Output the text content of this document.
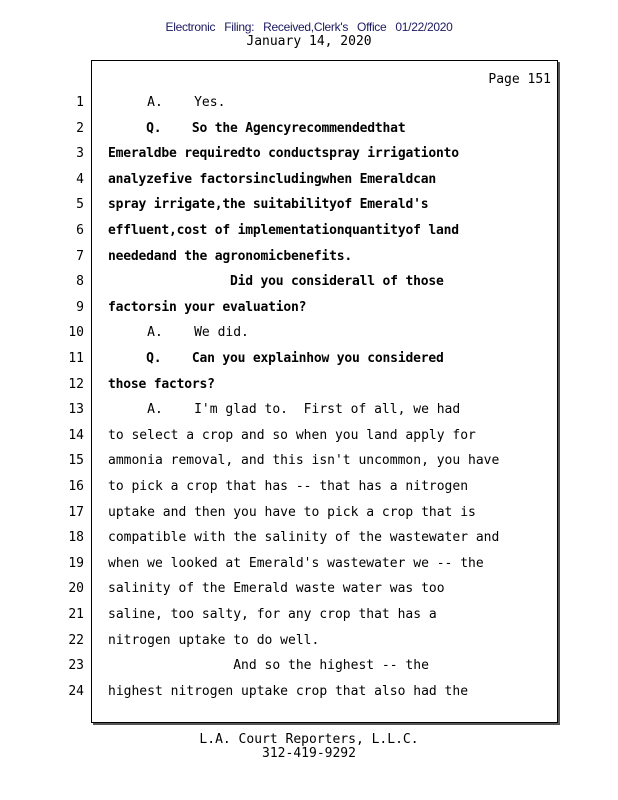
Electronic Filing: Received,Clerk's Office 01/22/2020
January 14, 2020
Page 151
1 A.    Yes.
2 Q.    So the Agencyrecommendedthat
3 Emeraldbe requiredto conductspray irrigationto
4 analyzefive factorsincludingwhen Emeraldcan
5 spray irrigate,the suitabilityof Emerald's
6 effluent,cost of implementationquantityof land
7 neededand the agronomicbenefits.
8 Did you considerall of those
9 factorsin your evaluation?
10 A.    We did.
11 Q.    Can you explainhow you considered
12 those factors?
13 A.    I'm glad to.  First of all, we had
14 to select a crop and so when you land apply for
15 ammonia removal, and this isn't uncommon, you have
16 to pick a crop that has -- that has a nitrogen
17 uptake and then you have to pick a crop that is
18 compatible with the salinity of the wastewater and
19 when we looked at Emerald's wastewater we -- the
20 salinity of the Emerald waste water was too
21 saline, too salty, for any crop that has a
22 nitrogen uptake to do well.
23 And so the highest -- the
24 highest nitrogen uptake crop that also had the
L.A. Court Reporters, L.L.C.
312-419-9292
